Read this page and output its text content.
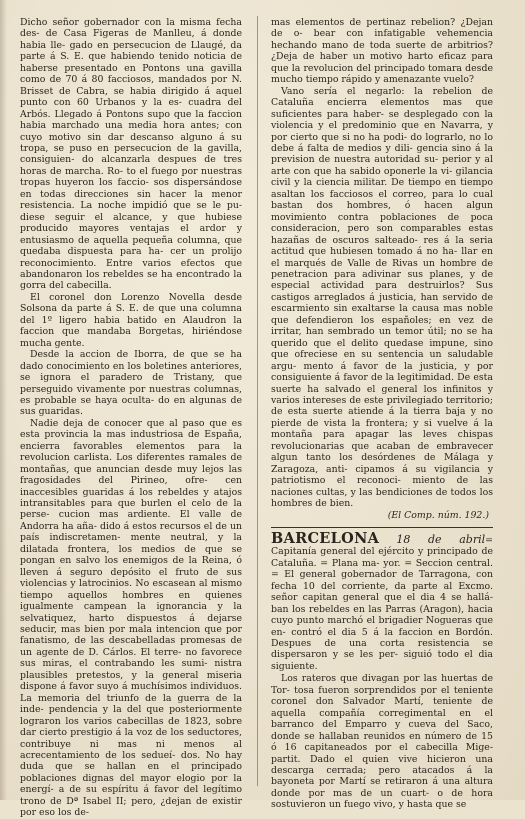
Dicho señor gobernador con la misma fecha des- de Casa Figeras de Manlleu, á donde habia lle- gado en persecucion de Llaugé, da parte á S. E. que habiendo tenido noticia de haberse presentado en Pontons una gavilla como de 70 á 80 facciosos, mandados por N. Brisset de Cabra, se habia dirigido á aquel punto con 60 Urbanos y la es- cuadra del Arbós. Llegado á Pontons supo que la faccion habia marchado una media hora antes; con cuyo motivo sin dar descanso alguno á su tropa, se puso en persecucion de la gavilla, consiguien- do alcanzarla despues de tres horas de marcha. Ro- to el fuego por nuestras tropas huyeron los faccio- sos dispersándose en todas direcciones sin hacer la menor resistencia. La noche impidió que se le pu- diese seguir el alcance, y que hubiese producido mayores ventajas el ardor y entusiasmo de aquella pequeña columna, que quedaba dispuesta para ha- cer un prolijo reconocimiento. Entre varios efectos que abandonaron los rebeldes se ha encontrado la gorra del cabecilla.

El coronel don Lorenzo Novella desde Solsona da parte á S. E. de que una columna del 1º ligero habia batido en Alaudron la faccion que mandaba Borgetas, hiriéndose mucha gente.

Desde la accion de Iborra, de que se ha dado conocimiento en los boletines anteriores, se ignora el paradero de Tristany, que perseguido vivamente por nuestras columnas, es probable se haya oculta- do en algunas de sus guaridas.

Nadie deja de conocer que al paso que es esta provincia la mas industriosa de España, encierra favorables elementos para la revolucion carlista. Los diferentes ramales de montañas, que anuncian desde muy lejos las fragosidades del Pirineo, ofre- cen inaccesibles guaridas á los rebeldes y atajos intransitables para que burlen el celo de la perse- cucion mas ardiente. El valle de Andorra ha aña- dido á estos recursos el de un país indiscretamen- mente neutral, y la dilatada frontera, los medios de que se pongan en salvo los enemigos de la Reina, ó lleven á seguro depósito el fruto de sus violencias y latrocinios. No escasean al mismo tiempo aquellos hombres en quienes igualmente campean la ignorancia y la selvatiquez, harto dispuestos á dejarse seducir, mas bien por mala intencion que por fanatismo, de las descabelladas promesas de un agente de D. Cárlos. El terre- no favorece sus miras, el contrabando les sumi- nistra plausibles pretestos, y la general miseria dispone á favor suyo á muchísimos individuos. La memoria del triunfo de la guerra de la inde- pendencia y la del que posteriormente lograron los varios cabecillas de 1823, sobre dar cierto prestigio á la voz de los seductores, contribuye ni mas ni menos al acrecentamiento de los sedueí- dos. No hay duda que se hallan en el principado poblaciones dignas del mayor elogio por la energí- a de su espíritu á favor del legítimo trono de Dª Isabel II; pero, ¿dejan de existir por eso los de-

mas elementos de pertinaz rebelion? ¿Dejan de o- bear con infatigable vehemencia hechando mano de toda suerte de arbitrios? ¿Deja de haber un motivo harto eficaz para que la revolucion del principado tomara desde mucho tiempo rápido y amenazante vuelo?

Vano sería el negarlo: la rebelion de Cataluña encierra elementos mas que suficientes para haber- se desplegado con la violencia y el predominio que en Navarra, y por cierto que si no ha podi- do lograrlo, no lo debe á falta de medios y dili- gencia sino á la prevision de nuestra autoridad su- perior y al arte con que ha sabido oponerle la vi- gilancia civil y la ciencia militar. De tiempo en tiempo asaltan los facciosos el correo, para lo cual bastan dos hombres, ó hacen algun movimiento contra poblaciones de poca consideracion, pero son comparables estas hazañas de oscuros salteado- res á la seria actitud que hubiesen tomado á no ha- llar en el marqués de Valle de Rivas un hombre de penetracion para adivinar sus planes, y de especial actividad para destruirlos? Sus castigos arreglados á justicia, han servido de escarmiento sin exaltarse la causa mas noble que defendieron los españoles; en vez de irritar, han sembrado un temor útil; no se ha querido que el delito quedase impune, sino que ofreciese en su sentencia un saludable argu- mento á favor de la justicia, y por consiguiente á favor de la legitimidad. De esta suerte ha salvado el general los infinitos y varios intereses de este privilegiado territorio; de esta suerte atiende á la tierra baja y no pierde de vista la frontera; y si vuelve á la montaña para apagar las leves chispas revolucionarias que acaban de embravecer algun tanto los desórdenes de Málaga y Zaragoza, anti- cipamos á su vigilancia y patriotismo el reconoci- miento de las naciones cultas, y las bendiciones de todos los hombres de bien.

(El Comp. núm. 192.)

BARCELONA 18 de abril= Capitanía general del ejército y principado de Cataluña. = Plana ma- yor. = Seccion central. = El general gobernador de Tarragona, con fecha 10 del corriente, da parte al Excmo. señor capitan general que el dia 4 se hallá- ban los rebeldes en las Parras (Aragon), hacia cuyo punto marchó el brigadier Nogueras que en- contró el dia 5 á la faccion en Bordón. Despues de una corta resistencia se dispersaron y se les per- siguió todo el dia siguiente.

Los rateros que divagan por las huertas de Tor- tosa fueron sorprendidos por el teniente coronel don Salvador Martí, teniente de aquella compañía corregimental en el barranco del Emparro y cueva del Saco, donde se hallaban reunidos en número de 15 ó 16 capitaneados por el cabecilla Mige- partit. Dado el quien vive hicieron una descarga cerrada; pero atacados á la bayoneta por Martí se retiraron á una altura donde por mas de un cuart- o de hora sostuvieron un fuego vivo, y hasta que se
